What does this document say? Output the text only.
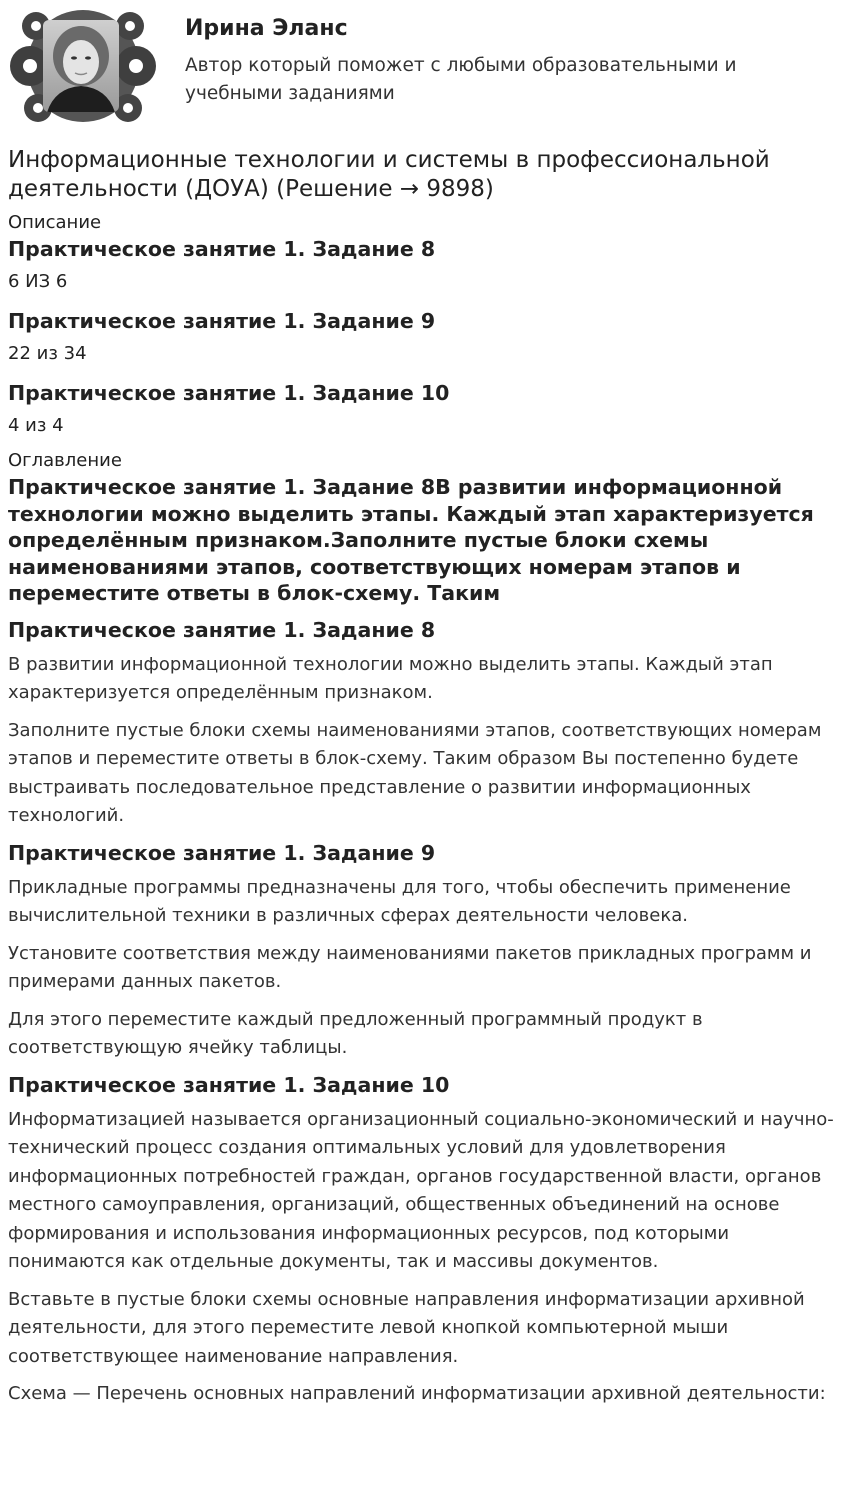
Ирина Эланс

Автор который поможет с любыми образовательными и учебными заданиями

Информационные технологии и системы в профессиональной деятельности (ДОУА) (Решение → 9898)
Описание
Практическое занятие 1. Задание 8
6 ИЗ 6
Практическое занятие 1. Задание 9
22 из 34
Практическое занятие 1. Задание 10
4 из 4
Оглавление
Практическое занятие 1. Задание 8В развитии информационной технологии можно выделить этапы. Каждый этап характеризуется определённым признаком.Заполните пустые блоки схемы наименованиями этапов, соответствующих номерам этапов и переместите ответы в блок-схему. Таким
Практическое занятие 1. Задание 8

В развитии информационной технологии можно выделить этапы. Каждый этап характеризуется определённым признаком.

Заполните пустые блоки схемы наименованиями этапов, соответствующих номерам этапов и переместите ответы в блок-схему. Таким образом Вы постепенно будете выстраивать последовательное представление о развитии информационных технологий.

Практическое занятие 1. Задание 9

Прикладные программы предназначены для того, чтобы обеспечить применение вычислительной техники в различных сферах деятельности человека.

Установите соответствия между наименованиями пакетов прикладных программ и примерами данных пакетов.

Для этого переместите каждый предложенный программный продукт в соответствующую ячейку таблицы.

Практическое занятие 1. Задание 10

Информатизацией называется организационный социально-экономический и научно-технический процесс создания оптимальных условий для удовлетворения информационных потребностей граждан, органов государственной власти, органов местного самоуправления, организаций, общественных объединений на основе формирования и использования информационных ресурсов, под которыми понимаются как отдельные документы, так и массивы документов.

Вставьте в пустые блоки схемы основные направления информатизации архивной деятельности, для этого переместите левой кнопкой компьютерной мыши соответствующее наименование направления.

Схема — Перечень основных направлений информатизации архивной деятельности:
